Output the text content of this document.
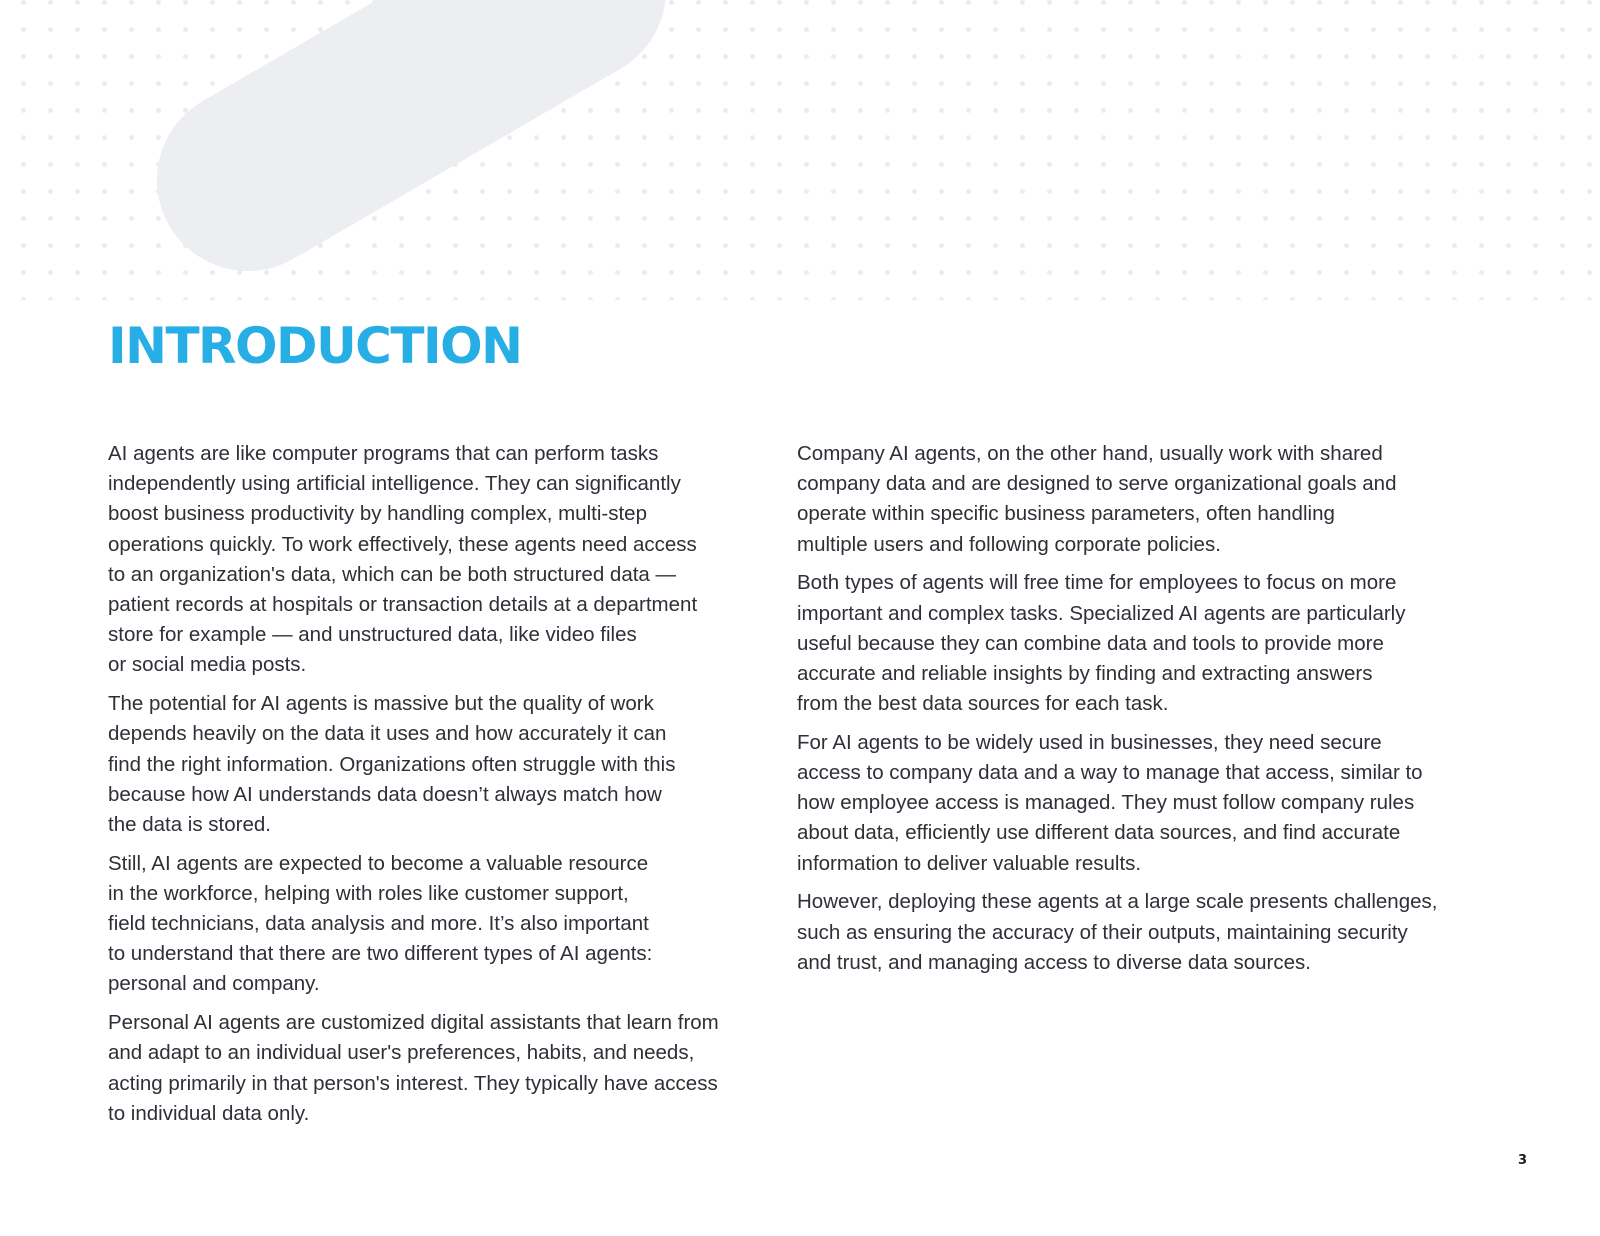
INTRODUCTION

AI agents are like computer programs that can perform tasks
independently using artificial intelligence. They can significantly
boost business productivity by handling complex, multi-step
operations quickly. To work effectively, these agents need access
to an organization's data, which can be both structured data —
patient records at hospitals or transaction details at a department
store for example — and unstructured data, like video files
or social media posts.

The potential for AI agents is massive but the quality of work
depends heavily on the data it uses and how accurately it can
find the right information. Organizations often struggle with this
because how AI understands data doesn’t always match how
the data is stored.

Still, AI agents are expected to become a valuable resource
in the workforce, helping with roles like customer support,
field technicians, data analysis and more. It’s also important
to understand that there are two different types of AI agents:
personal and company.

Personal AI agents are customized digital assistants that learn from
and adapt to an individual user's preferences, habits, and needs,
acting primarily in that person's interest. They typically have access
to individual data only.

Company AI agents, on the other hand, usually work with shared
company data and are designed to serve organizational goals and
operate within specific business parameters, often handling
multiple users and following corporate policies.

Both types of agents will free time for employees to focus on more
important and complex tasks. Specialized AI agents are particularly
useful because they can combine data and tools to provide more
accurate and reliable insights by finding and extracting answers
from the best data sources for each task.

For AI agents to be widely used in businesses, they need secure
access to company data and a way to manage that access, similar to
how employee access is managed. They must follow company rules
about data, efficiently use different data sources, and find accurate
information to deliver valuable results.

However, deploying these agents at a large scale presents challenges,
such as ensuring the accuracy of their outputs, maintaining security
and trust, and managing access to diverse data sources.

3
